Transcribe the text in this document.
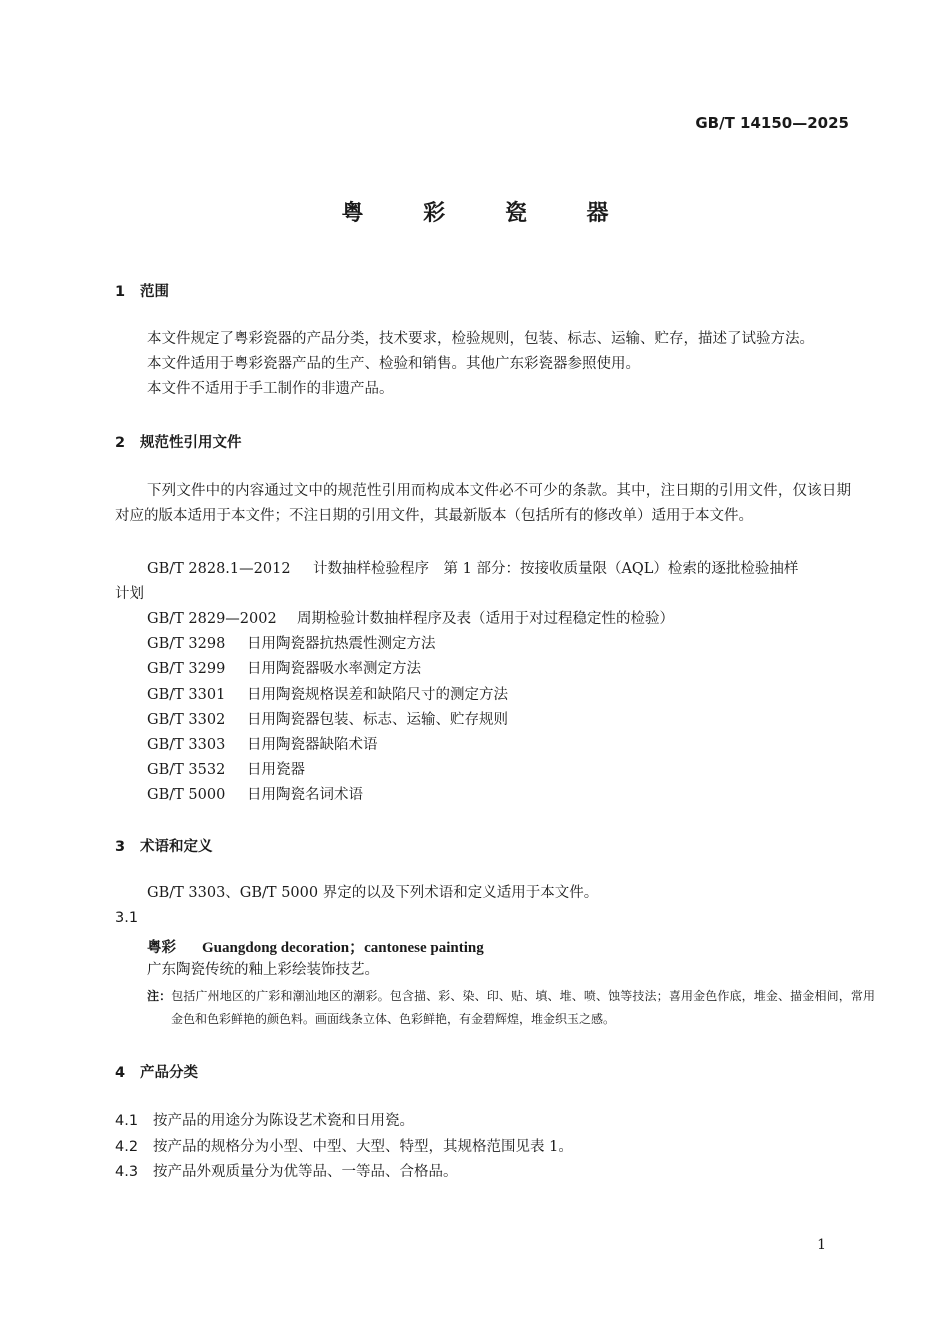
GB/T 14150—2025
粤 彩 瓷 器
1 范围
本文件规定了粤彩瓷器的产品分类，技术要求，检验规则，包装、标志、运输、贮存，描述了试验方法。
本文件适用于粤彩瓷器产品的生产、检验和销售。其他广东彩瓷器参照使用。
本文件不适用于手工制作的非遗产品。
2 规范性引用文件
下列文件中的内容通过文中的规范性引用而构成本文件必不可少的条款。其中，注日期的引用文件，仅该日期对应的版本适用于本文件；不注日期的引用文件，其最新版本（包括所有的修改单）适用于本文件。
GB/T 2828.1—2012 计数抽样检验程序　第 1 部分：按接收质量限（AQL）检索的逐批检验抽样
计划
GB/T 2829—2002 周期检验计数抽样程序及表（适用于对过程稳定性的检验）
GB/T 3298 日用陶瓷器抗热震性测定方法
GB/T 3299 日用陶瓷器吸水率测定方法
GB/T 3301 日用陶瓷规格误差和缺陷尺寸的测定方法
GB/T 3302 日用陶瓷器包装、标志、运输、贮存规则
GB/T 3303 日用陶瓷器缺陷术语
GB/T 3532 日用瓷器
GB/T 5000 日用陶瓷名词术语
3 术语和定义
GB/T 3303、GB/T 5000 界定的以及下列术语和定义适用于本文件。
3.1
粤彩 Guangdong decoration；cantonese painting
广东陶瓷传统的釉上彩绘装饰技艺。
注：包括广州地区的广彩和潮汕地区的潮彩。包含描、彩、染、印、贴、填、堆、喷、蚀等技法；喜用金色作底，堆金、描金相间，常用金色和色彩鲜艳的颜色料。画面线条立体、色彩鲜艳，有金碧辉煌，堆金织玉之感。
4 产品分类
4.1 按产品的用途分为陈设艺术瓷和日用瓷。
4.2 按产品的规格分为小型、中型、大型、特型，其规格范围见表 1。
4.3 按产品外观质量分为优等品、一等品、合格品。
1
